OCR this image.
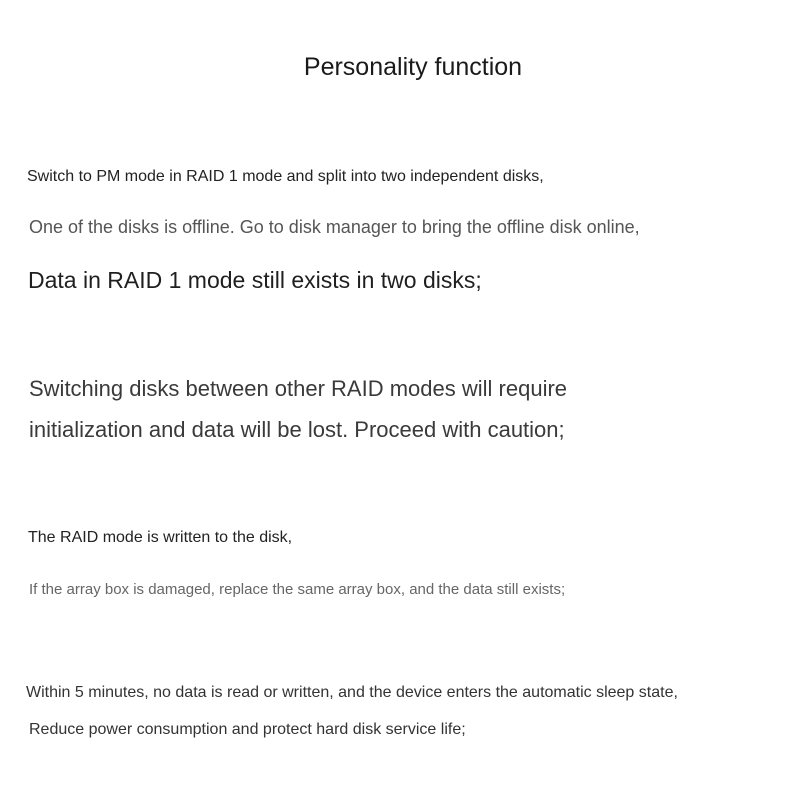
Personality function

Switch to PM mode in RAID 1 mode and split into two independent disks,

One of the disks is offline. Go to disk manager to bring the offline disk online,

Data in RAID 1 mode still exists in two disks;

Switching disks between other RAID modes will require

initialization and data will be lost. Proceed with caution;

The RAID mode is written to the disk,

If the array box is damaged, replace the same array box, and the data still exists;

Within 5 minutes, no data is read or written, and the device enters the automatic sleep state,

Reduce power consumption and protect hard disk service life;
